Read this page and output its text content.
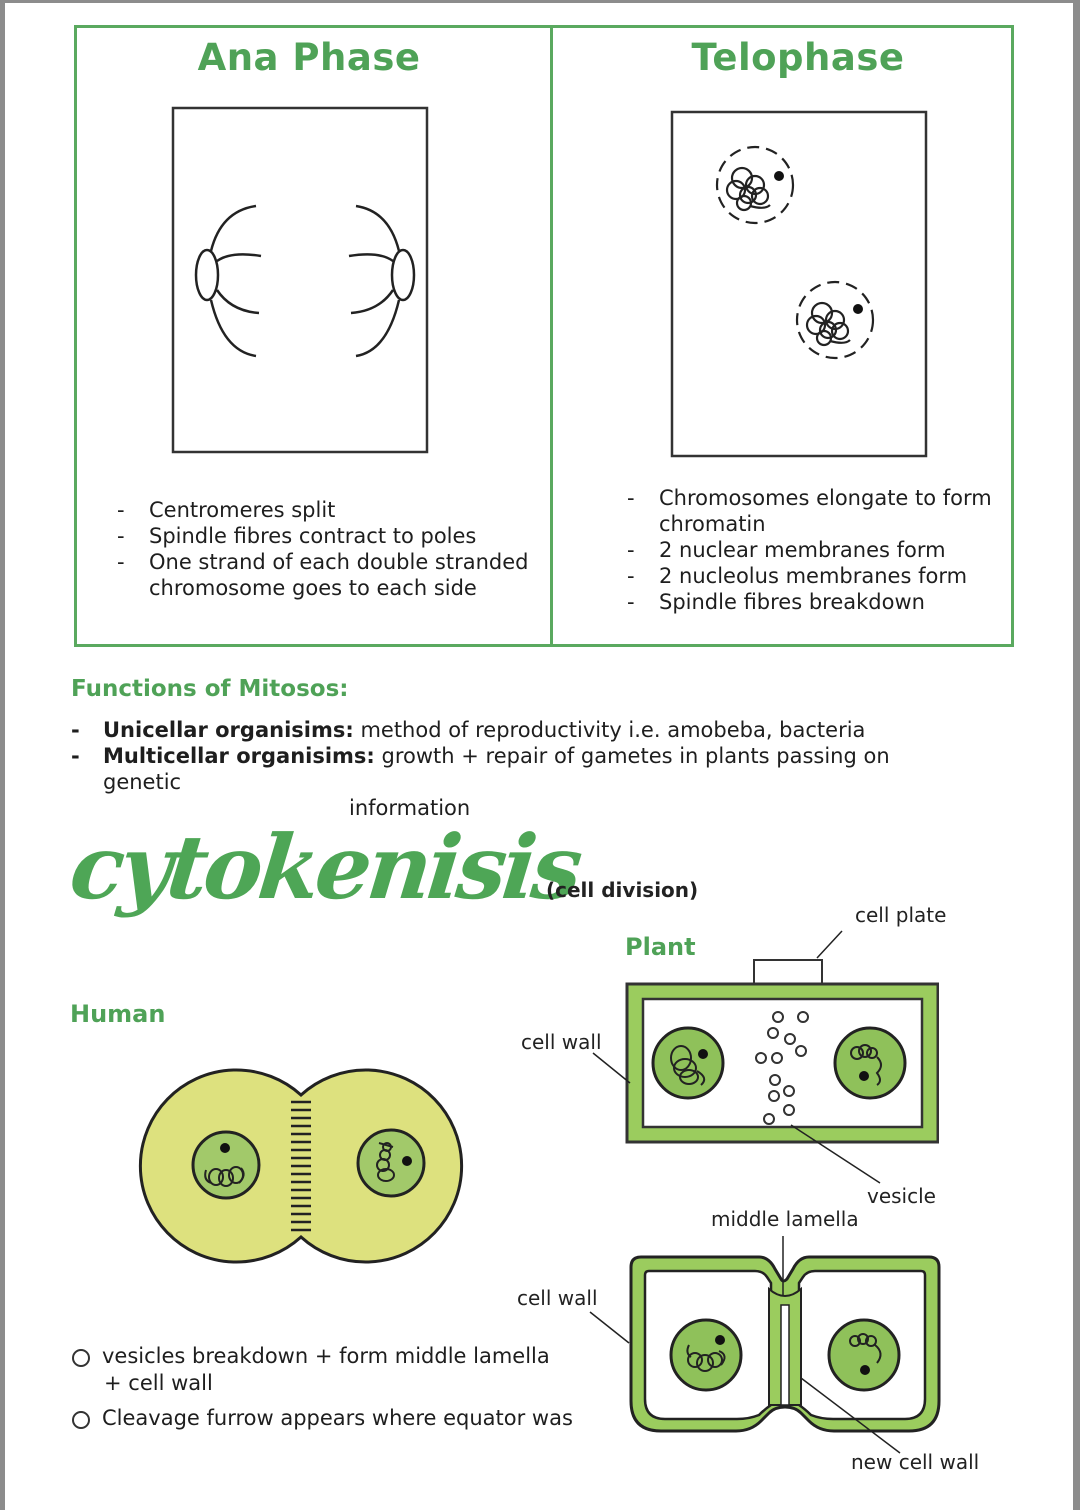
Ana Phase
- Centromeres split
- Spindle fibres contract to poles
- One strand of each double stranded chromosome goes to each side
Telophase
- Chromosomes elongate to form chromatin
- 2 nuclear membranes form
- 2 nucleolus membranes form
- Spindle fibres breakdown
Functions of Mitosos:
- Unicellar organisims: method of reproductivity i.e. amobeba, bacteria
- Multicellar organisims: growth + repair of gametes in plants passing on genetic
information
cytokenisis
(cell division)
Plant
Human
cell plate
cell wall
vesicle
middle lamella
cell wall
new cell wall
vesicles breakdown + form middle lamella
+ cell wall
Cleavage furrow appears where equator was
